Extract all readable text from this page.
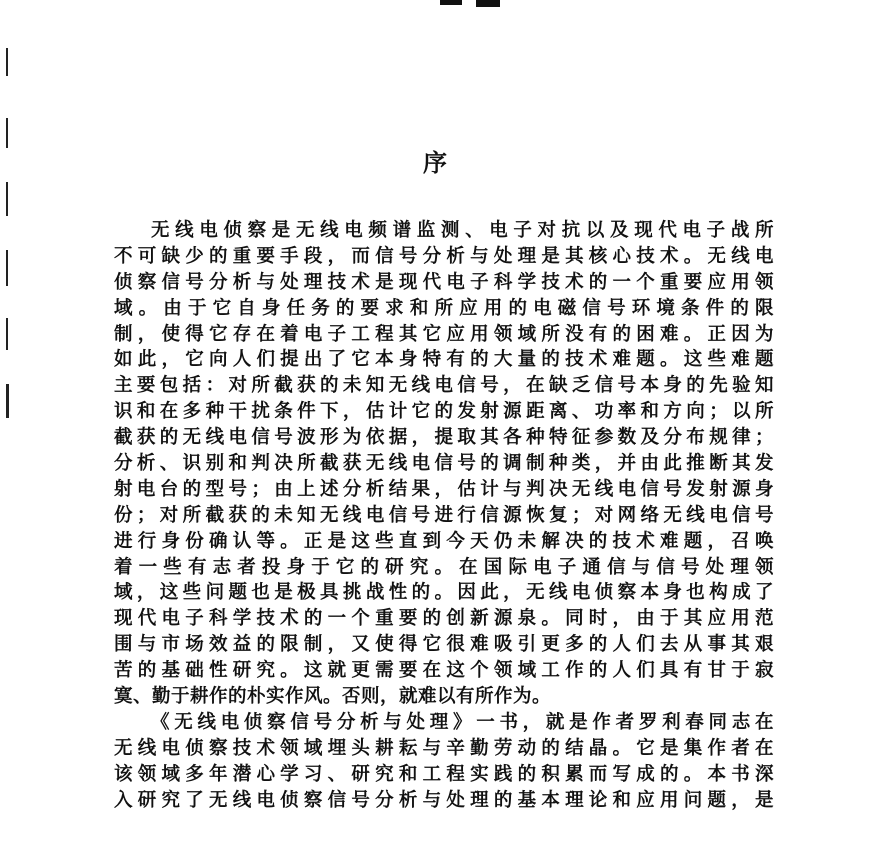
序
无线电侦察是无线电频谱监测、电子对抗以及现代电子战所
不可缺少的重要手段，而信号分析与处理是其核心技术。无线电
侦察信号分析与处理技术是现代电子科学技术的一个重要应用领
域。由于它自身任务的要求和所应用的电磁信号环境条件的限
制，使得它存在着电子工程其它应用领域所没有的困难。正因为
如此，它向人们提出了它本身特有的大量的技术难题。这些难题
主要包括：对所截获的未知无线电信号，在缺乏信号本身的先验知
识和在多种干扰条件下，估计它的发射源距离、功率和方向；以所
截获的无线电信号波形为依据，提取其各种特征参数及分布规律；
分析、识别和判决所截获无线电信号的调制种类，并由此推断其发
射电台的型号；由上述分析结果，估计与判决无线电信号发射源身
份；对所截获的未知无线电信号进行信源恢复；对网络无线电信号
进行身份确认等。正是这些直到今天仍未解决的技术难题，召唤
着一些有志者投身于它的研究。在国际电子通信与信号处理领
域，这些问题也是极具挑战性的。因此，无线电侦察本身也构成了
现代电子科学技术的一个重要的创新源泉。同时，由于其应用范
围与市场效益的限制，又使得它很难吸引更多的人们去从事其艰
苦的基础性研究。这就更需要在这个领域工作的人们具有甘于寂
寞、勤于耕作的朴实作风。否则，就难以有所作为。
《无线电侦察信号分析与处理》一书，就是作者罗利春同志在
无线电侦察技术领域埋头耕耘与辛勤劳动的结晶。它是集作者在
该领域多年潜心学习、研究和工程实践的积累而写成的。本书深
入研究了无线电侦察信号分析与处理的基本理论和应用问题，是
